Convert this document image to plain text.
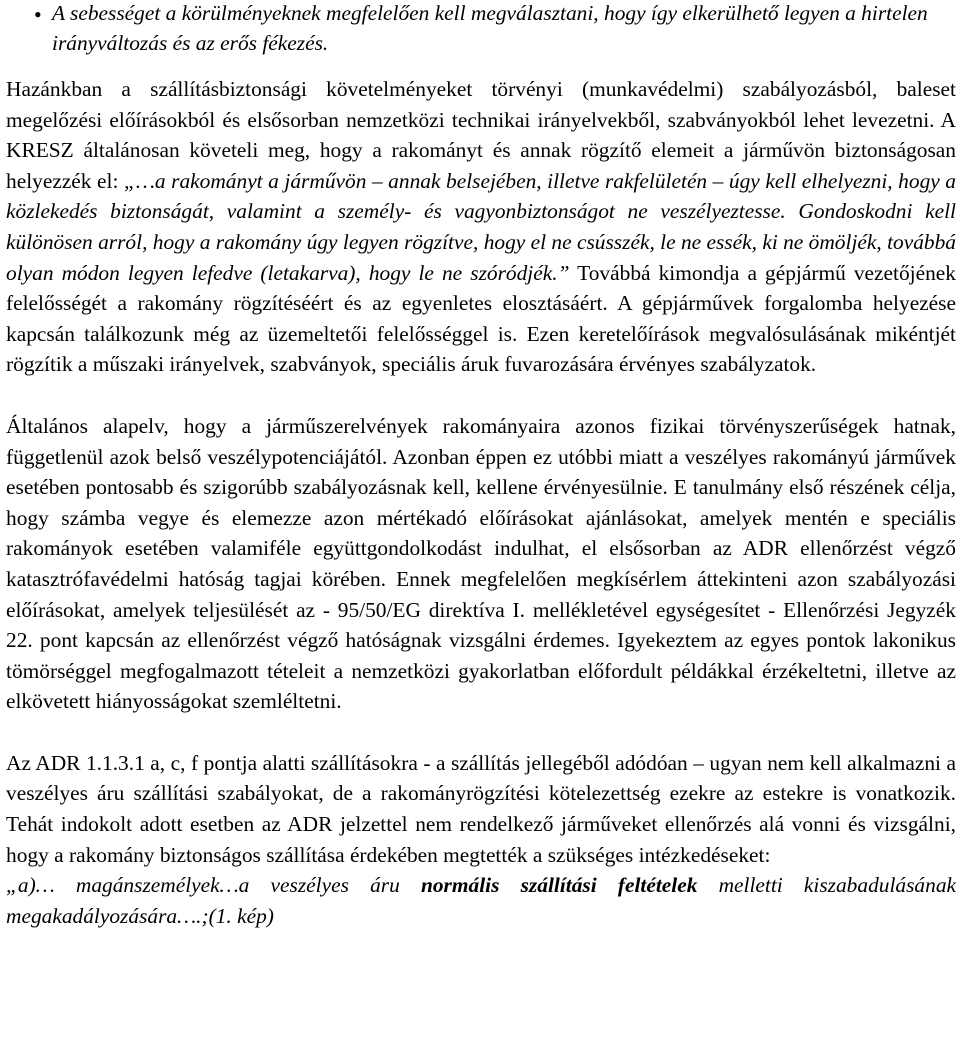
• A sebességet a körülményeknek megfelelően kell megválasztani, hogy így elkerülhető legyen a hirtelen irányváltozás és az erős fékezés.

Hazánkban a szállításbiztonsági követelményeket törvényi (munkavédelmi) szabályozásból, baleset megelőzési előírásokból és elsősorban nemzetközi technikai irányelvekből, szabványokból lehet levezetni. A KRESZ általánosan követeli meg, hogy a rakományt és annak rögzítő elemeit a járművön biztonságosan helyezzék el: „…a rakományt a járművön – annak belsejében, illetve rakfelületén – úgy kell elhelyezni, hogy a közlekedés biztonságát, valamint a személy- és vagyonbiztonságot ne veszélyeztesse. Gondoskodni kell különösen arról, hogy a rakomány úgy legyen rögzítve, hogy el ne csússzék, le ne essék, ki ne ömöljék, továbbá olyan módon legyen lefedve (letakarva), hogy le ne szóródjék.” Továbbá kimondja a gépjármű vezetőjének felelősségét a rakomány rögzítéséért és az egyenletes elosztásáért. A gépjárművek forgalomba helyezése kapcsán találkozunk még az üzemeltetői felelősséggel is. Ezen keretelőírások megvalósulásának mikéntjét rögzítik a műszaki irányelvek, szabványok, speciális áruk fuvarozására érvényes szabályzatok.

Általános alapelv, hogy a járműszerelvények rakományaira azonos fizikai törvényszerűségek hatnak, függetlenül azok belső veszélypotenciájától. Azonban éppen ez utóbbi miatt a veszélyes rakományú járművek esetében pontosabb és szigorúbb szabályozásnak kell, kellene érvényesülnie. E tanulmány első részének célja, hogy számba vegye és elemezze azon mértékadó előírásokat ajánlásokat, amelyek mentén e speciális rakományok esetében valamiféle együttgondolkodást indulhat, el elsősorban az ADR ellenőrzést végző katasztrófavédelmi hatóság tagjai körében. Ennek megfelelően megkísérlem áttekinteni azon szabályozási előírásokat, amelyek teljesülését az - 95/50/EG direktíva I. mellékletével egységesítet - Ellenőrzési Jegyzék 22. pont kapcsán az ellenőrzést végző hatóságnak vizsgálni érdemes. Igyekeztem az egyes pontok lakonikus tömörséggel megfogalmazott tételeit a nemzetközi gyakorlatban előfordult példákkal érzékeltetni, illetve az elkövetett hiányosságokat szemléltetni.

Az ADR 1.1.3.1 a, c, f pontja alatti szállításokra - a szállítás jellegéből adódóan – ugyan nem kell alkalmazni a veszélyes áru szállítási szabályokat, de a rakományrögzítési kötelezettség ezekre az estekre is vonatkozik. Tehát indokolt adott esetben az ADR jelzettel nem rendelkező járműveket ellenőrzés alá vonni és vizsgálni, hogy a rakomány biztonságos szállítása érdekében megtették a szükséges intézkedéseket:
„a)… magánszemélyek…a veszélyes áru normális szállítási feltételek melletti kiszabadulásának megakadályozására….;(1. kép)
